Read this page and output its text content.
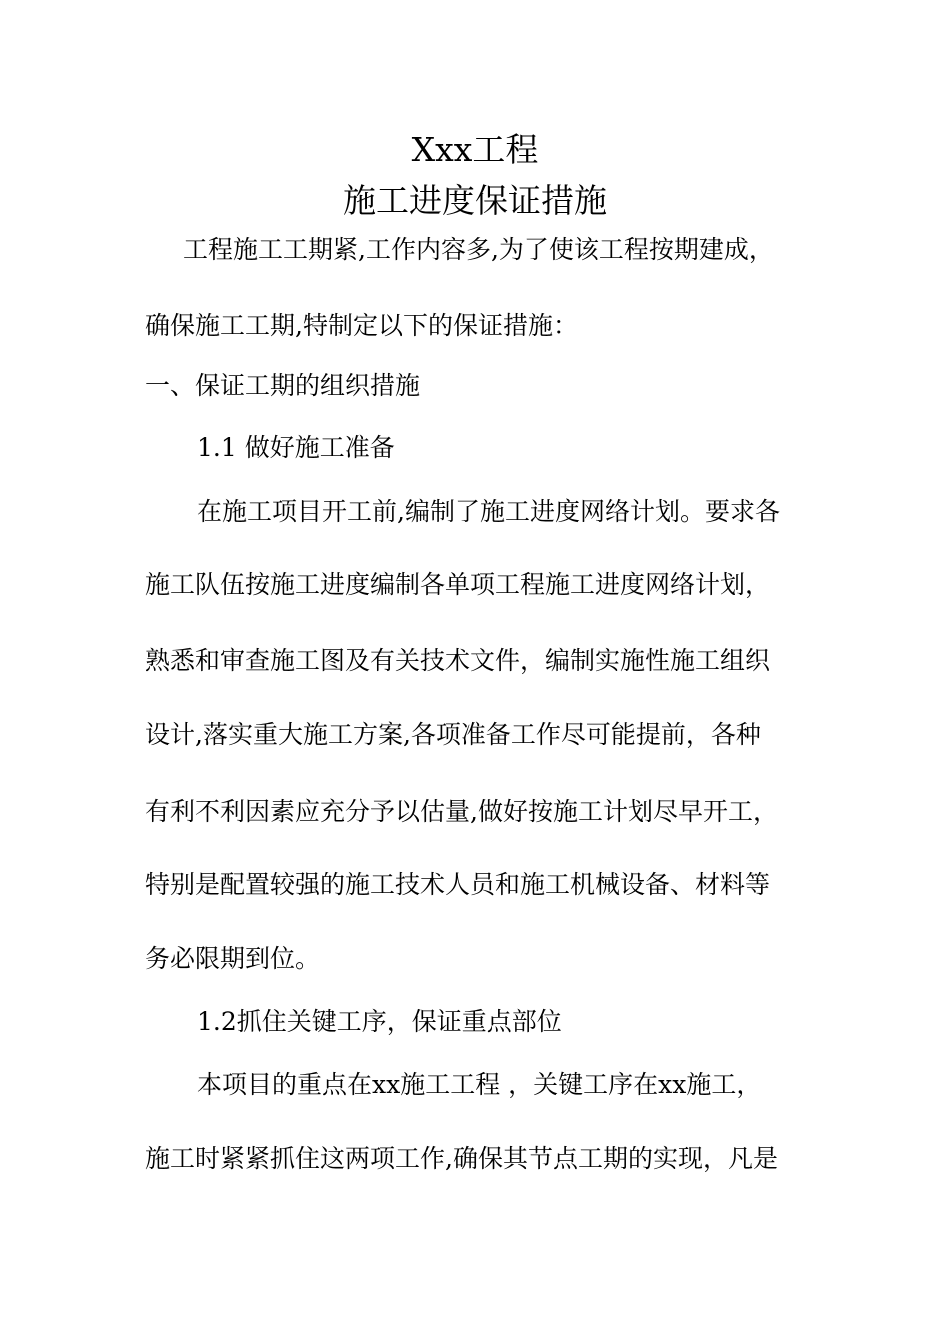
Xxx工程
施工进度保证措施
工程施工工期紧,工作内容多,为了使该工程按期建成，
确保施工工期,特制定以下的保证措施：
一、保证工期的组织措施
1.1 做好施工准备
在施工项目开工前,编制了施工进度网络计划。要求各
施工队伍按施工进度编制各单项工程施工进度网络计划，
熟悉和审查施工图及有关技术文件，编制实施性施工组织
设计,落实重大施工方案,各项准备工作尽可能提前，各种
有利不利因素应充分予以估量,做好按施工计划尽早开工，
特别是配置较强的施工技术人员和施工机械设备、材料等
务必限期到位。
1.2抓住关键工序，保证重点部位
本项目的重点在xx施工工程 ，关键工序在xx施工，
施工时紧紧抓住这两项工作,确保其节点工期的实现，凡是
